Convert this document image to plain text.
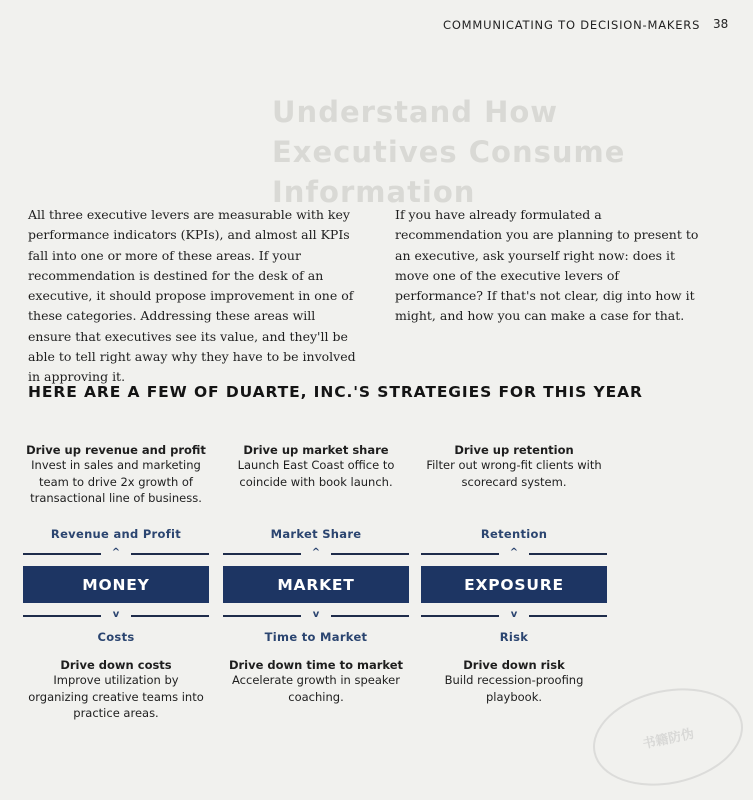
COMMUNICATING TO DECISION-MAKERS 38
Understand How Executives Consume Information

All three executive levers are measurable with key performance indicators (KPIs), and almost all KPIs fall into one or more of these areas. If your recommendation is destined for the desk of an executive, it should propose improvement in one of these categories. Addressing these areas will ensure that executives see its value, and they'll be able to tell right away why they have to be involved in approving it.

If you have already formulated a recommendation you are planning to present to an executive, ask yourself right now: does it move one of the executive levers of performance? If that's not clear, dig into how it might, and how you can make a case for that.

HERE ARE A FEW OF DUARTE, INC.'S STRATEGIES FOR THIS YEAR
Drive up revenue and profit
Invest in sales and marketing team to drive 2x growth of transactional line of business.
Revenue and Profit
^
MONEY
v
Costs
Drive down costs
Improve utilization by organizing creative teams into practice areas.
Drive up market share
Launch East Coast office to coincide with book launch.
Market Share
^
MARKET
v
Time to Market
Drive down time to market
Accelerate growth in speaker coaching.
Drive up retention
Filter out wrong-fit clients with scorecard system.
Retention
^
EXPOSURE
v
Risk
Drive down risk
Build recession-proofing playbook.
书籍防伪
